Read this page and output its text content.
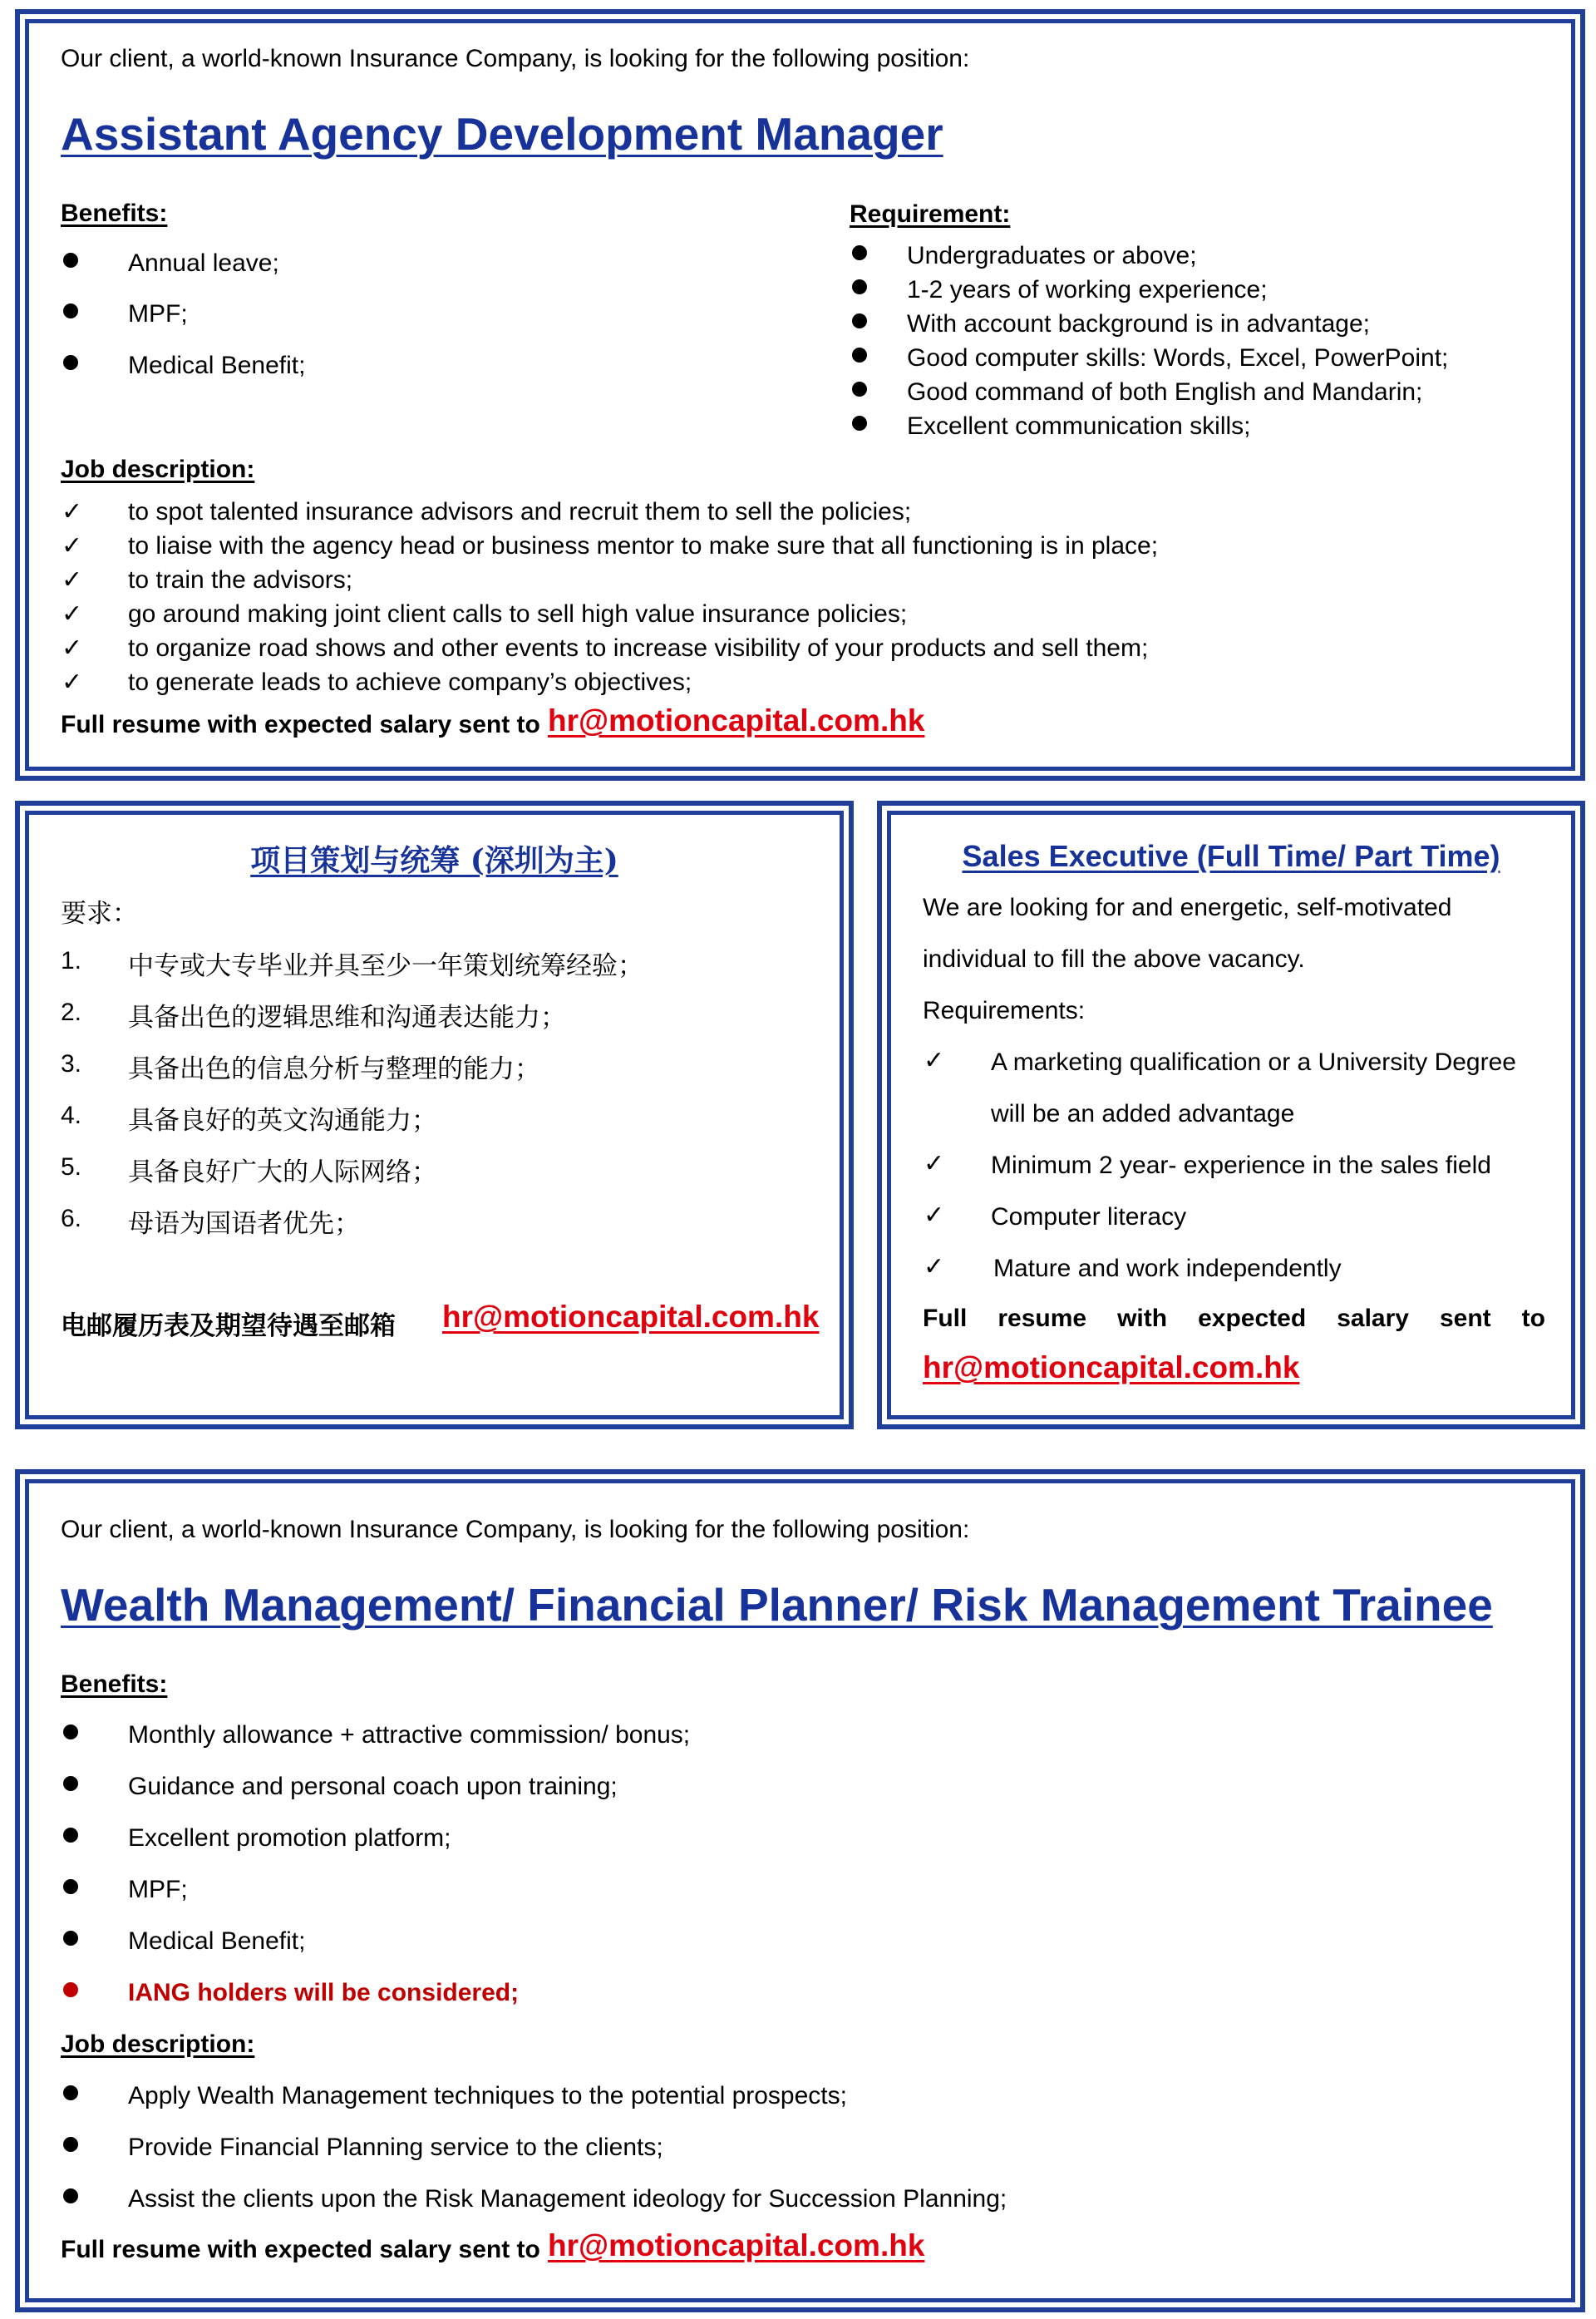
Our client, a world-known Insurance Company, is looking for the following position:
Assistant Agency Development Manager
Benefits:
Annual leave;
MPF;
Medical Benefit;
Requirement:
Undergraduates or above;
1-2 years of working experience;
With account background is in advantage;
Good computer skills: Words, Excel, PowerPoint;
Good command of both English and Mandarin;
Excellent communication skills;
Job description:
✓ to spot talented insurance advisors and recruit them to sell the policies;
✓ to liaise with the agency head or business mentor to make sure that all functioning is in place;
✓ to train the advisors;
✓ go around making joint client calls to sell high value insurance policies;
✓ to organize road shows and other events to increase visibility of your products and sell them;
✓ to generate leads to achieve company’s objectives;
Full resume with expected salary sent to hr@motioncapital.com.hk
项目策划与统筹 (深圳为主)
要求：
1. 中专或大专毕业并具至少一年策划统筹经验；
2. 具备出色的逻辑思维和沟通表达能力；
3. 具备出色的信息分析与整理的能力；
4. 具备良好的英文沟通能力；
5. 具备良好广大的人际网络；
6. 母语为国语者优先；
电邮履历表及期望待遇至邮箱 hr@motioncapital.com.hk
Sales Executive (Full Time/ Part Time)
We are looking for and energetic, self-motivated
individual to fill the above vacancy.
Requirements:
✓ A marketing qualification or a University Degree
will be an added advantage
✓ Minimum 2 year- experience in the sales field
✓ Computer literacy
✓ Mature and work independently
Full resume with expected salary sent to
hr@motioncapital.com.hk
Our client, a world-known Insurance Company, is looking for the following position:
Wealth Management/ Financial Planner/ Risk Management Trainee
Benefits:
Monthly allowance + attractive commission/ bonus;
Guidance and personal coach upon training;
Excellent promotion platform;
MPF;
Medical Benefit;
IANG holders will be considered;
Job description:
Apply Wealth Management techniques to the potential prospects;
Provide Financial Planning service to the clients;
Assist the clients upon the Risk Management ideology for Succession Planning;
Full resume with expected salary sent to hr@motioncapital.com.hk
